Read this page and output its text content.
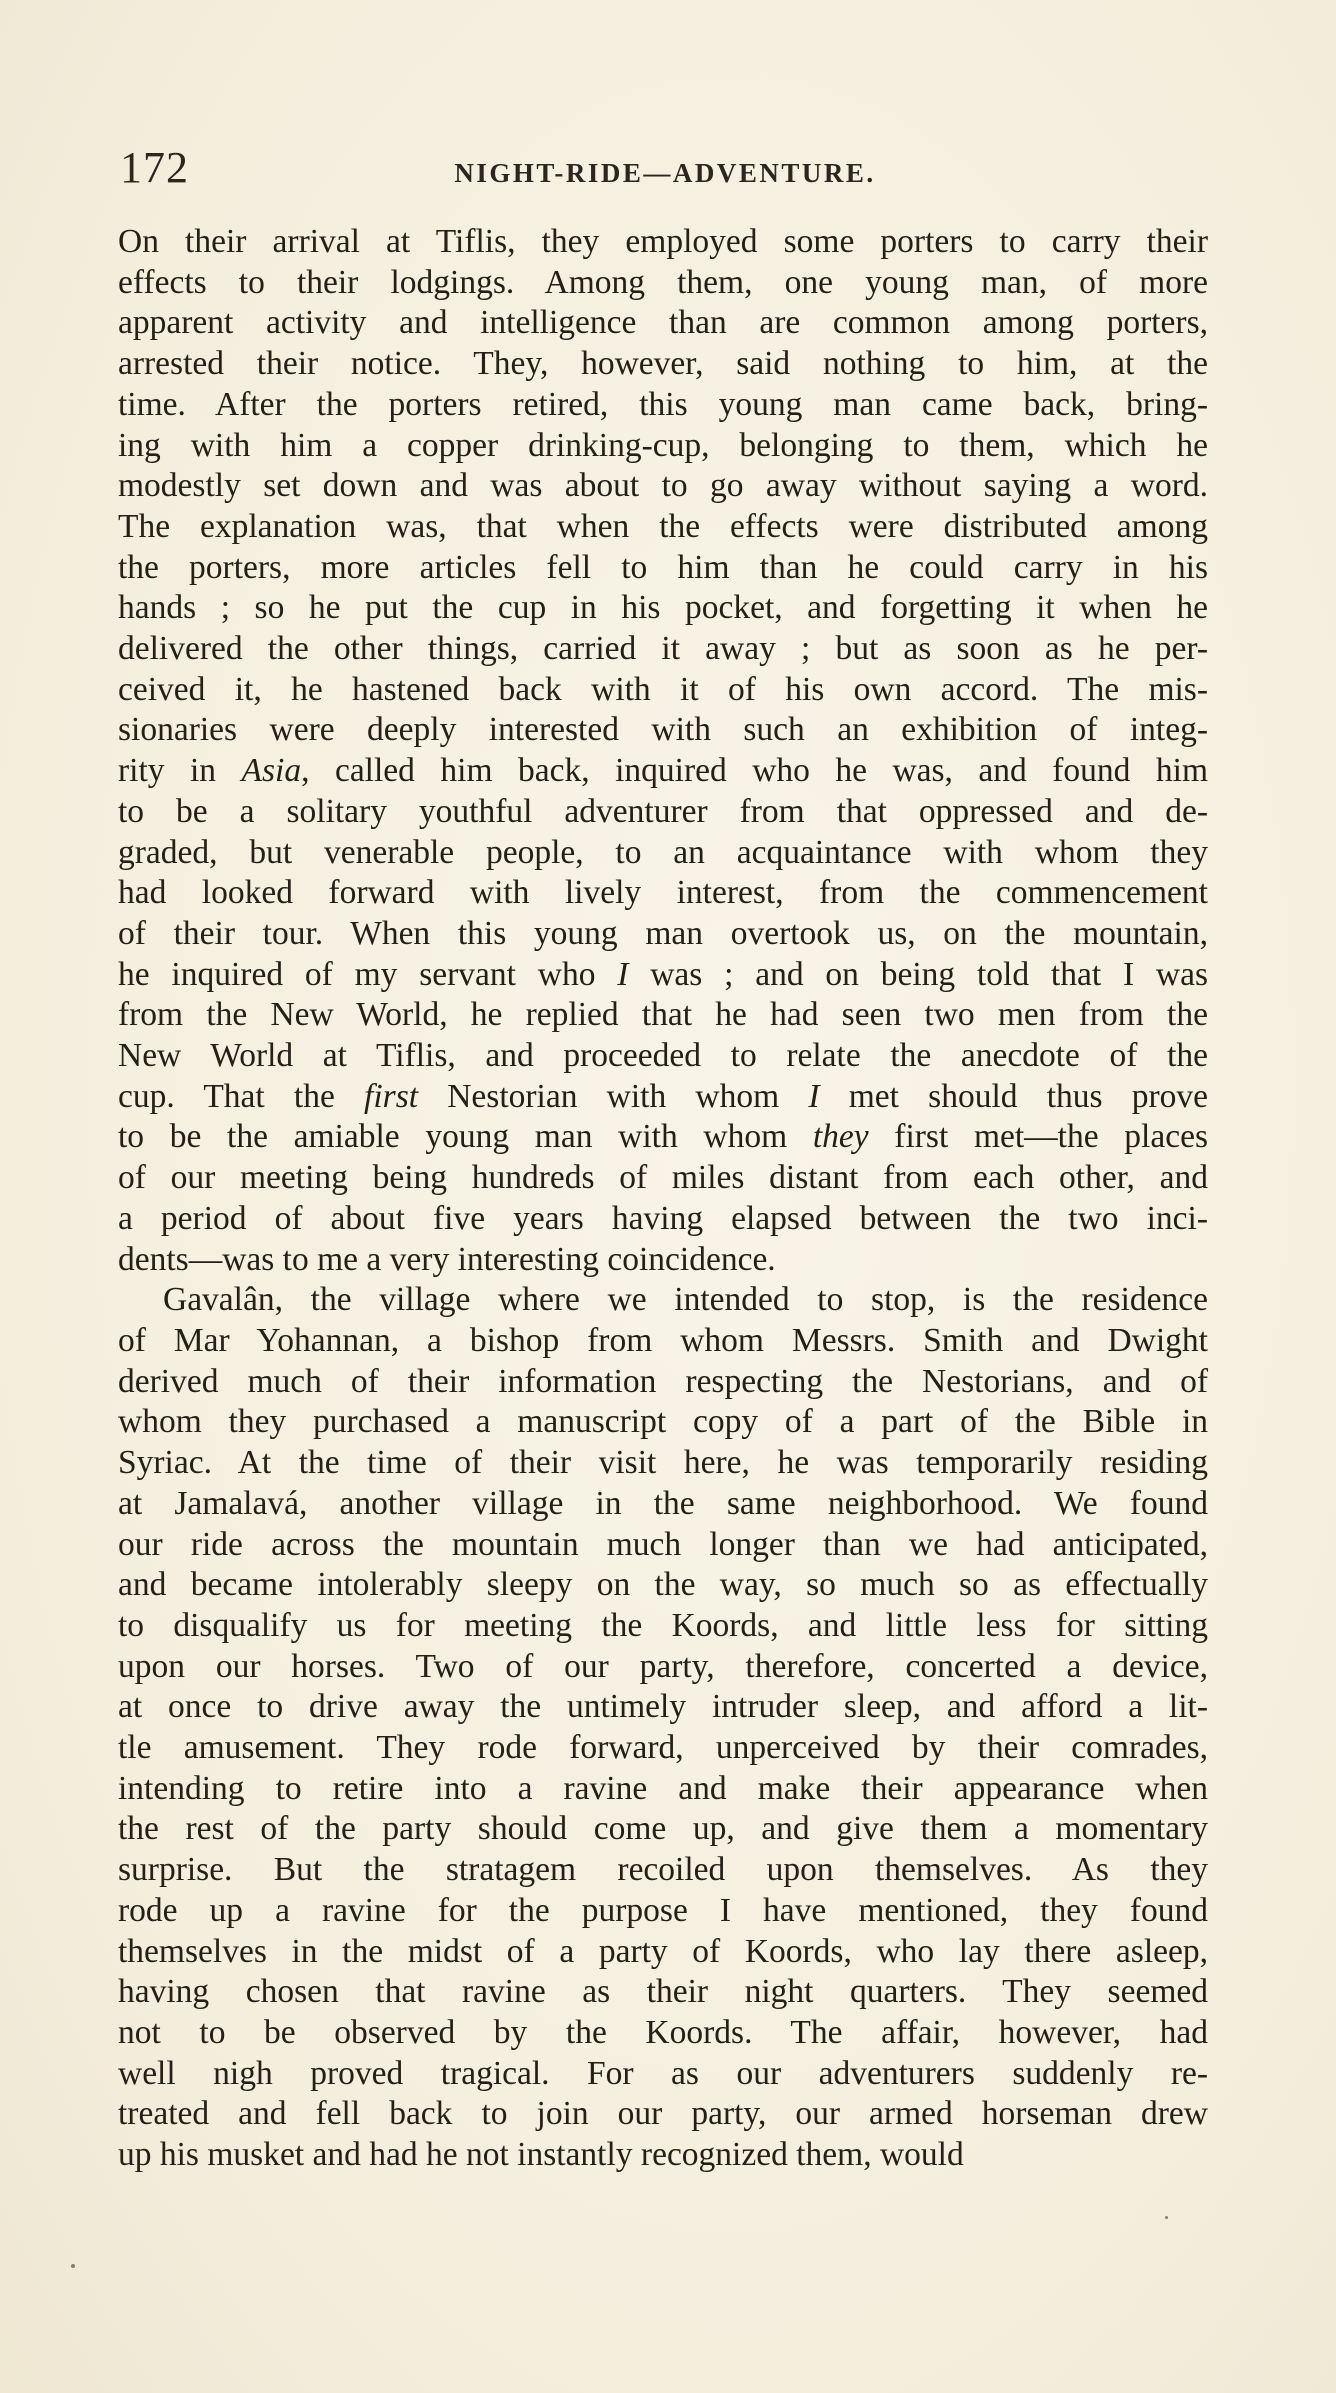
172	NIGHT-RIDE—ADVENTURE.

On their arrival at Tiflis, they employed some porters to carry their

effects to their lodgings. Among them, one young man, of more

apparent activity and intelligence than are common among porters,

arrested their notice. They, however, said nothing to him, at the

time. After the porters retired, this young man came back, bring-

ing with him a copper drinking-cup, belonging to them, which he

modestly set down and was about to go away without saying a word.

The explanation was, that when the effects were distributed among

the porters, more articles fell to him than he could carry in his

hands ; so he put the cup in his pocket, and forgetting it when he

delivered the other things, carried it away ; but as soon as he per-

ceived it, he hastened back with it of his own accord. The mis-

sionaries were deeply interested with such an exhibition of integ-

rity in Asia, called him back, inquired who he was, and found him

to be a solitary youthful adventurer from that oppressed and de-

graded, but venerable people, to an acquaintance with whom they

had looked forward with lively interest, from the commencement

of their tour. When this young man overtook us, on the mountain,

he inquired of my servant who I was ; and on being told that I was

from the New World, he replied that he had seen two men from the

New World at Tiflis, and proceeded to relate the anecdote of the

cup. That the first Nestorian with whom I met should thus prove

to be the amiable young man with whom they first met—the places

of our meeting being hundreds of miles distant from each other, and

a period of about five years having elapsed between the two inci-

dents—was to me a very interesting coincidence.

Gavalân, the village where we intended to stop, is the residence

of Mar Yohannan, a bishop from whom Messrs. Smith and Dwight

derived much of their information respecting the Nestorians, and of

whom they purchased a manuscript copy of a part of the Bible in

Syriac. At the time of their visit here, he was temporarily residing

at Jamalavá, another village in the same neighborhood. We found

our ride across the mountain much longer than we had anticipated,

and became intolerably sleepy on the way, so much so as effectually

to disqualify us for meeting the Koords, and little less for sitting

upon our horses. Two of our party, therefore, concerted a device,

at once to drive away the untimely intruder sleep, and afford a lit-

tle amusement. They rode forward, unperceived by their comrades,

intending to retire into a ravine and make their appearance when

the rest of the party should come up, and give them a momentary

surprise. But the stratagem recoiled upon themselves. As they

rode up a ravine for the purpose I have mentioned, they found

themselves in the midst of a party of Koords, who lay there asleep,

having chosen that ravine as their night quarters. They seemed

not to be observed by the Koords. The affair, however, had

well nigh proved tragical. For as our adventurers suddenly re-

treated and fell back to join our party, our armed horseman drew

up his musket and had he not instantly recognized them, would
